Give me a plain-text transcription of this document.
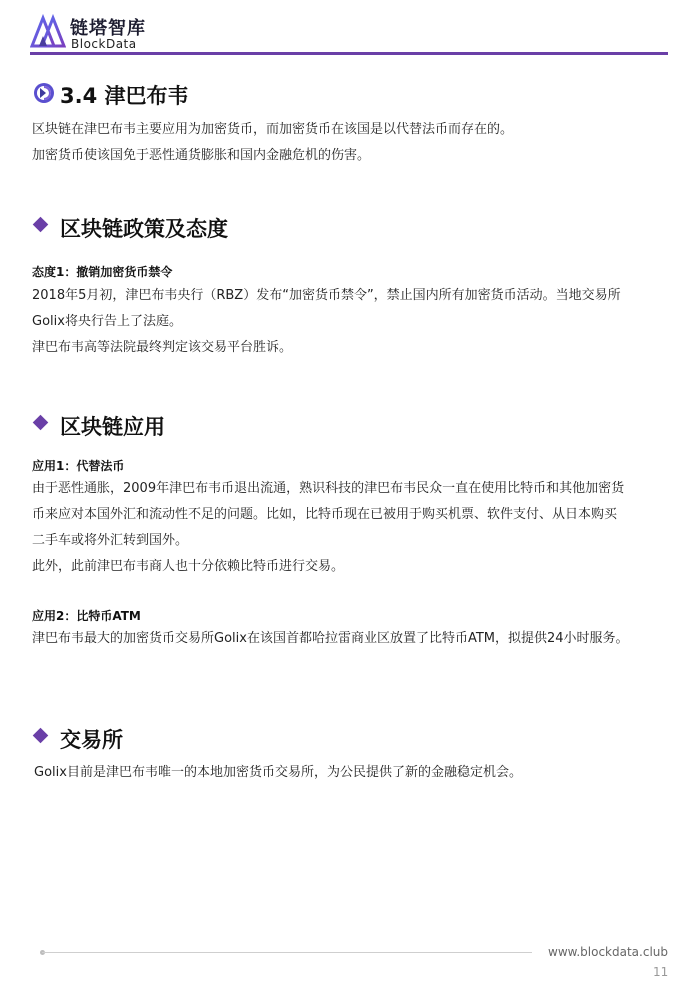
链塔智库
BlockData
3.4 津巴布韦

区块链在津巴布韦主要应用为加密货币，而加密货币在该国是以代替法币而存在的。

加密货币使该国免于恶性通货膨胀和国内金融危机的伤害。

区块链政策及态度
态度1：撤销加密货币禁令

2018年5月初，津巴布韦央行（RBZ）发布“加密货币禁令”，禁止国内所有加密货币活动。当地交易所

Golix将央行告上了法庭。

津巴布韦高等法院最终判定该交易平台胜诉。

区块链应用
应用1：代替法币

由于恶性通胀，2009年津巴布韦币退出流通，熟识科技的津巴布韦民众一直在使用比特币和其他加密货

币来应对本国外汇和流动性不足的问题。比如，比特币现在已被用于购买机票、软件支付、从日本购买

二手车或将外汇转到国外。

此外，此前津巴布韦商人也十分依赖比特币进行交易。

应用2：比特币ATM

津巴布韦最大的加密货币交易所Golix在该国首都哈拉雷商业区放置了比特币ATM，拟提供24小时服务。

交易所

Golix目前是津巴布韦唯一的本地加密货币交易所，为公民提供了新的金融稳定机会。

www.blockdata.club
11
